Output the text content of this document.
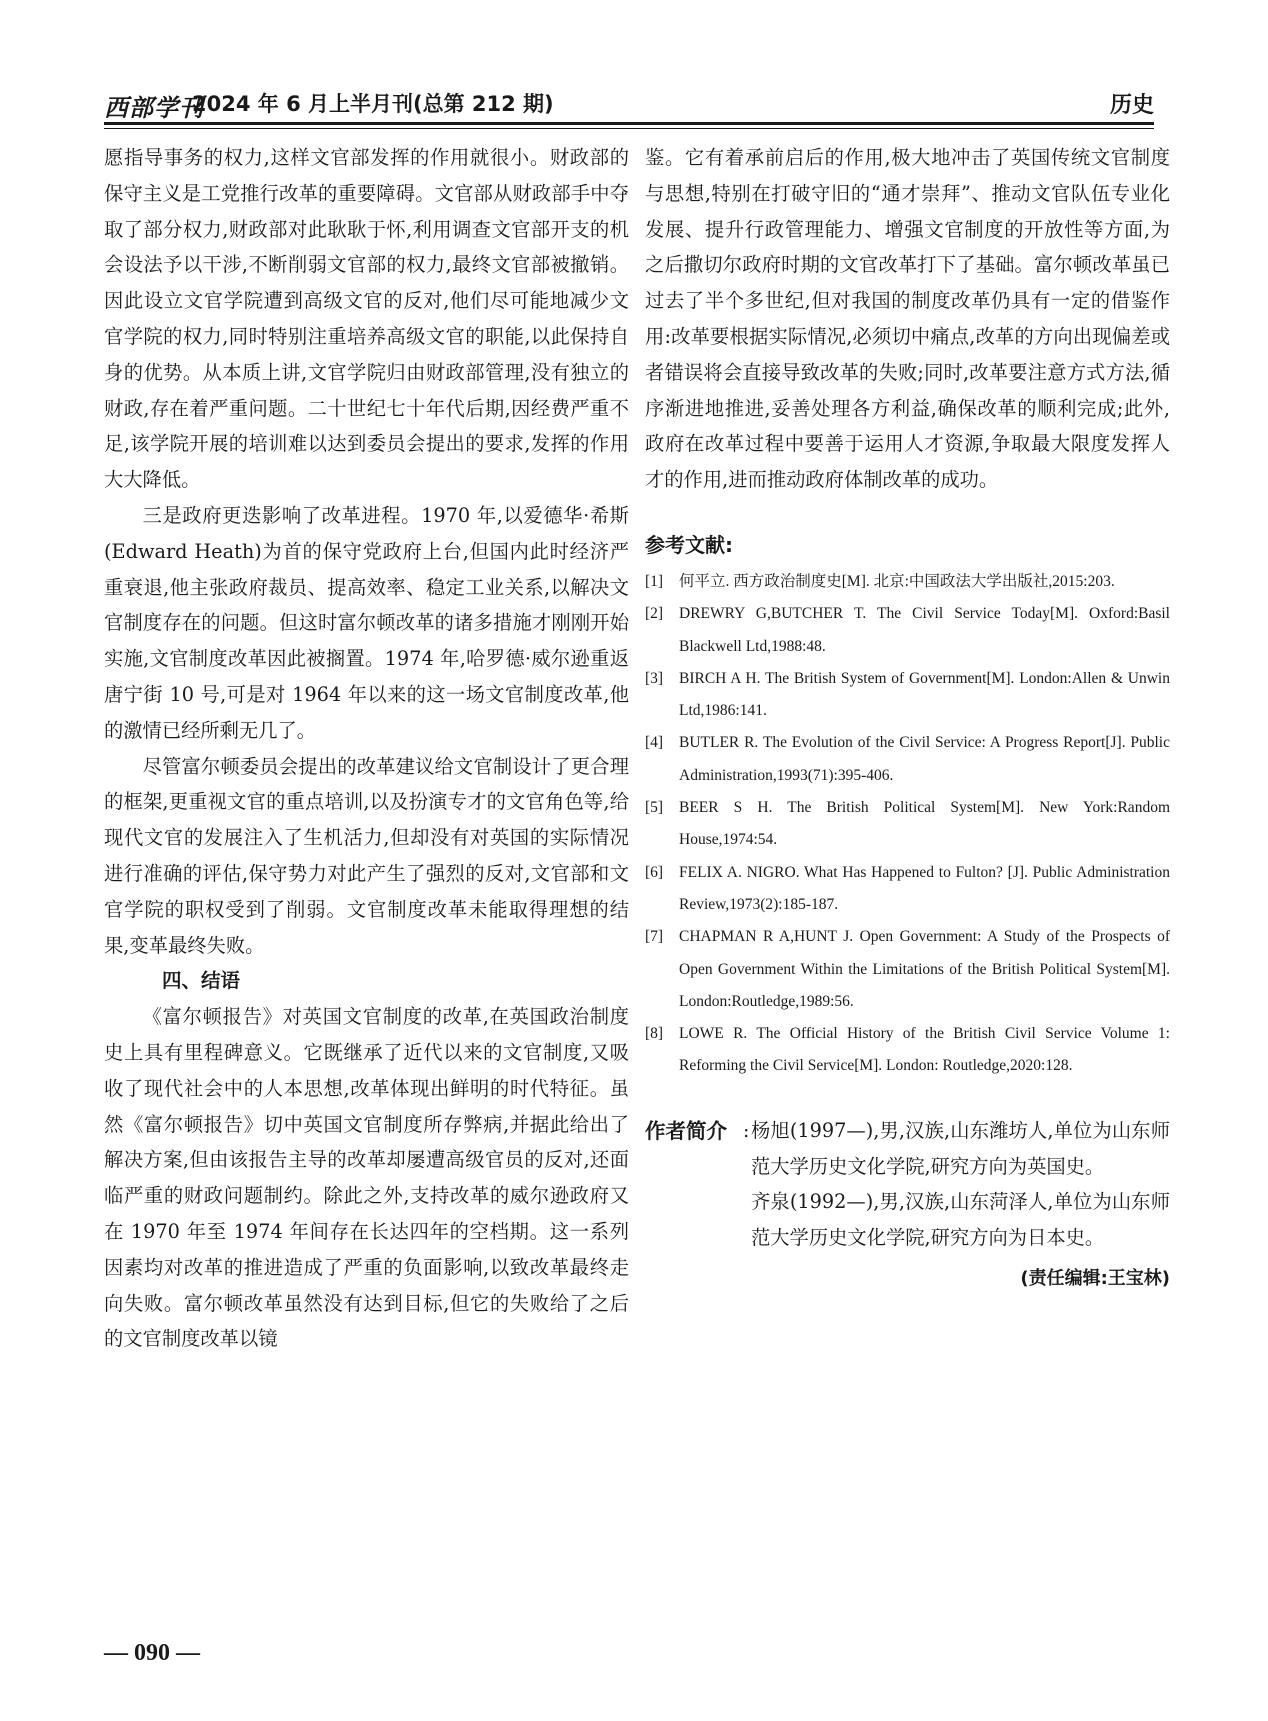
西部学刊
2024 年 6 月上半月刊(总第 212 期)	历史

愿指导事务的权力,这样文官部发挥的作用就很小。财政部的保守主义是工党推行改革的重要障碍。文官部从财政部手中夺取了部分权力,财政部对此耿耿于怀,利用调查文官部开支的机会设法予以干涉,不断削弱文官部的权力,最终文官部被撤销。因此设立文官学院遭到高级文官的反对,他们尽可能地减少文官学院的权力,同时特别注重培养高级文官的职能,以此保持自身的优势。从本质上讲,文官学院归由财政部管理,没有独立的财政,存在着严重问题。二十世纪七十年代后期,因经费严重不足,该学院开展的培训难以达到委员会提出的要求,发挥的作用大大降低。

三是政府更迭影响了改革进程。1970 年,以爱德华·希斯(Edward Heath)为首的保守党政府上台,但国内此时经济严重衰退,他主张政府裁员、提高效率、稳定工业关系,以解决文官制度存在的问题。但这时富尔顿改革的诸多措施才刚刚开始实施,文官制度改革因此被搁置。1974 年,哈罗德·威尔逊重返唐宁街 10 号,可是对 1964 年以来的这一场文官制度改革,他的激情已经所剩无几了。

尽管富尔顿委员会提出的改革建议给文官制设计了更合理的框架,更重视文官的重点培训,以及扮演专才的文官角色等,给现代文官的发展注入了生机活力,但却没有对英国的实际情况进行准确的评估,保守势力对此产生了强烈的反对,文官部和文官学院的职权受到了削弱。文官制度改革未能取得理想的结果,变革最终失败。

四、结语

《富尔顿报告》对英国文官制度的改革,在英国政治制度史上具有里程碑意义。它既继承了近代以来的文官制度,又吸收了现代社会中的人本思想,改革体现出鲜明的时代特征。虽然《富尔顿报告》切中英国文官制度所存弊病,并据此给出了解决方案,但由该报告主导的改革却屡遭高级官员的反对,还面临严重的财政问题制约。除此之外,支持改革的威尔逊政府又在 1970 年至 1974 年间存在长达四年的空档期。这一系列因素均对改革的推进造成了严重的负面影响,以致改革最终走向失败。富尔顿改革虽然没有达到目标,但它的失败给了之后的文官制度改革以镜

鉴。它有着承前启后的作用,极大地冲击了英国传统文官制度与思想,特别在打破守旧的“通才崇拜”、推动文官队伍专业化发展、提升行政管理能力、增强文官制度的开放性等方面,为之后撒切尔政府时期的文官改革打下了基础。富尔顿改革虽已过去了半个多世纪,但对我国的制度改革仍具有一定的借鉴作用:改革要根据实际情况,必须切中痛点,改革的方向出现偏差或者错误将会直接导致改革的失败;同时,改革要注意方式方法,循序渐进地推进,妥善处理各方利益,确保改革的顺利完成;此外,政府在改革过程中要善于运用人才资源,争取最大限度发挥人才的作用,进而推动政府体制改革的成功。

参考文献:
[1]	何平立. 西方政治制度史[M]. 北京:中国政法大学出版社,2015:203.
[2]	DREWRY G,BUTCHER T. The Civil Service Today[M]. Oxford:Basil Blackwell Ltd,1988:48.
[3]	BIRCH A H. The British System of Government[M]. London:Allen & Unwin Ltd,1986:141.
[4]	BUTLER R. The Evolution of the Civil Service: A Progress Report[J]. Public Administration,1993(71):395-406.
[5]	BEER S H. The British Political System[M]. New York:Random House,1974:54.
[6]	FELIX A. NIGRO. What Has Happened to Fulton? [J]. Public Administration Review,1973(2):185-187.
[7]	CHAPMAN R A,HUNT J. Open Government: A Study of the Prospects of Open Government Within the Limitations of the British Political System[M]. London:Routledge,1989:56.
[8]	LOWE R. The Official History of the British Civil Service Volume 1: Reforming the Civil Service[M]. London: Routledge,2020:128.
作者简介 : 杨旭(1997—),男,汉族,山东潍坊人,单位为山东师范大学历史文化学院,研究方向为英国史。
齐泉(1992—),男,汉族,山东菏泽人,单位为山东师范大学历史文化学院,研究方向为日本史。
(责任编辑:王宝林)
— 090 —
